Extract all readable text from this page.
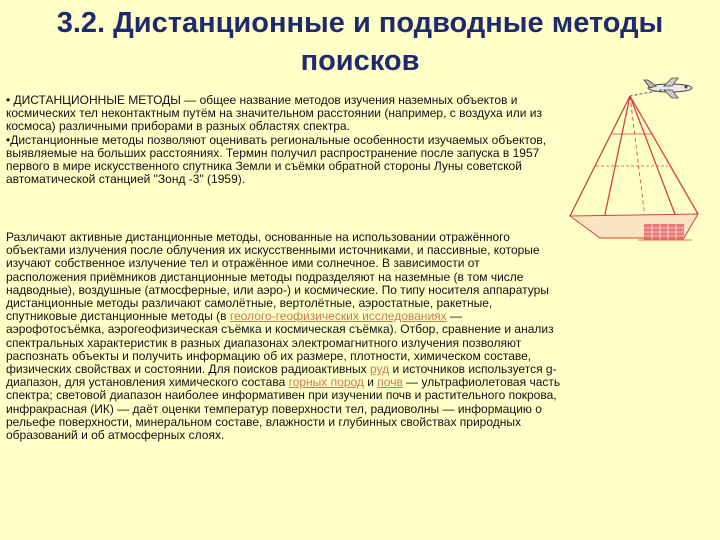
3.2. Дистанционные и подводные методы
поисков

• ДИСТАНЦИОННЫЕ МЕТОДЫ — общее название методов изучения наземных объектов и космических тел неконтактным путём на значительном расстоянии (например, с воздуха или из космоса) различными приборами в разных областях спектра.

•Дистанционные методы позволяют оценивать региональные особенности изучаемых объектов, выявляемые на больших расстояниях. Термин получил распространение после запуска в 1957 первого в мире искусственного спутника Земли и съёмки обратной стороны Луны советской автоматической станцией "Зонд -3" (1959).

Различают активные дистанционные методы, основанные на использовании отражённого объектами излучения после облучения их искусственными источниками, и пассивные, которые изучают собственное излучение тел и отражённое ими солнечное. В зависимости от расположения приёмников дистанционные методы подразделяют на наземные (в том числе надводные), воздушные (атмосферные, или аэро-) и космические. По типу носителя аппаратуры дистанционные методы различают самолётные, вертолётные, аэростатные, ракетные, спутниковые дистанционные методы (в геолого-геофизических исследованиях — аэрофотосъёмка, аэрогеофизическая съёмка и космическая съёмка). Отбор, сравнение и анализ спектральных характеристик в разных диапазонах электромагнитного излучения позволяют распознать объекты и получить информацию об их размере, плотности, химическом составе, физических свойствах и состоянии. Для поисков радиоактивных руд и источников используется g-диапазон, для установления химического состава горных пород и почв — ультрафиолетовая часть спектра; световой диапазон наиболее информативен при изучении почв и растительного покрова, инфракрасная (ИК) — даёт оценки температур поверхности тел, радиоволны — информацию о рельефе поверхности, минеральном составе, влажности и глубинных свойствах природных образований и об атмосферных слоях.
